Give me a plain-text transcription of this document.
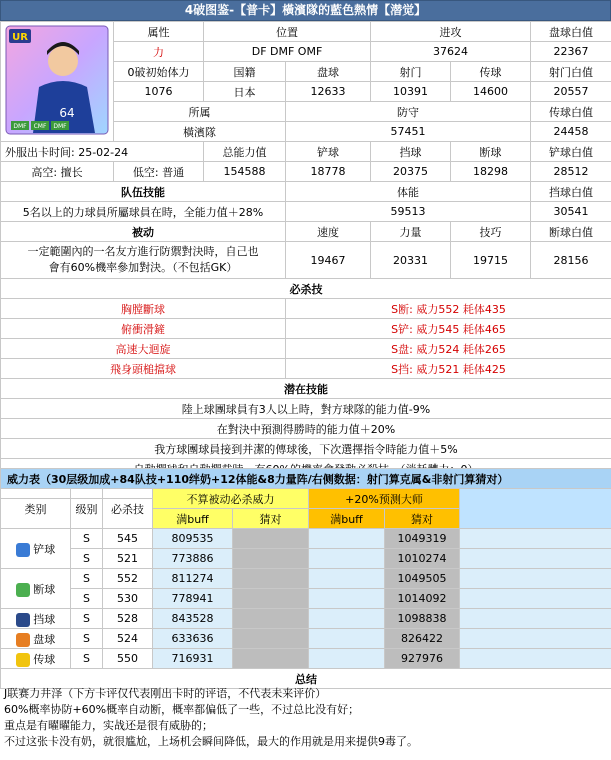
4破图鉴-【普卡】橫濱隊的藍色熱情【潜觉】
UR
64
DMF CMF DMF	属性	位置		进攻		盘球白值
	力	DF DMF OMF		37624		22367
	0破初始体力	国籍	盘球	射门	传球	射门白值
	1076	日本	12633	10391	14600	20557
	所属		防守			传球白值
	橫濱隊		57451			24458
外服出卡时间: 25-02-24		总能力值	铲球	挡球	断球	铲球白值
高空: 擅长	低空: 普通	154588	18778	20375	18298	28512
队伍技能			体能			挡球白值
5名以上的力球員所屬球員在時，全能力值＋28%			59513			30541
被动			速度	力量	技巧	断球白值

一定範圍內的一名友方進行防禦對決時，自己也
會有60%機率參加對決。（不包括GK）			19467	20331	19715	28156
必杀技						
胸膛斷球			S断: 威力552 耗体435			
俯衝滑鏟			S铲: 威力545 耗体465			
高速大迴旋			S盘: 威力524 耗体265			
飛身頭槌擋球			S挡: 威力521 耗体425			
潜在技能						
陸上球團球員有3人以上時，對方球隊的能力值-9%						
在對決中預測得勝時的能力值＋20%						
我方球團球員接到并潔的傳球後，下次選擇指令時能力值＋5%						

威力表（30层级加成+84队技+110绊奶+12体能&8力量阵/右侧数据：射门算克属&非射门算猜对）							
类别	级别	必杀技	不算被动必杀威力		+20%预测大师		
			满buff	猜对	满buff	猜对	
铲球	S	545	809535			1049319	
	S	521	773886			1010274	
断球	S	552	811274			1049505	
	S	530	778941			1014092	
挡球	S	528	843528			1098838	
盘球	S	524	633636			826422	
传球	S	550	716931			927976	
总结							
J联赛力井泽（下方卡评仅代表刚出卡时的评语，不代表未来评价）
60%概率协防+60%概率自动断，概率都偏低了一些，不过总比没有好；
重点是有曜曜能力，实战还是很有威胁的；
不过这张卡没有奶，就很尴尬，上场机会瞬间降低，最大的作用就是用来提供9毒了。
